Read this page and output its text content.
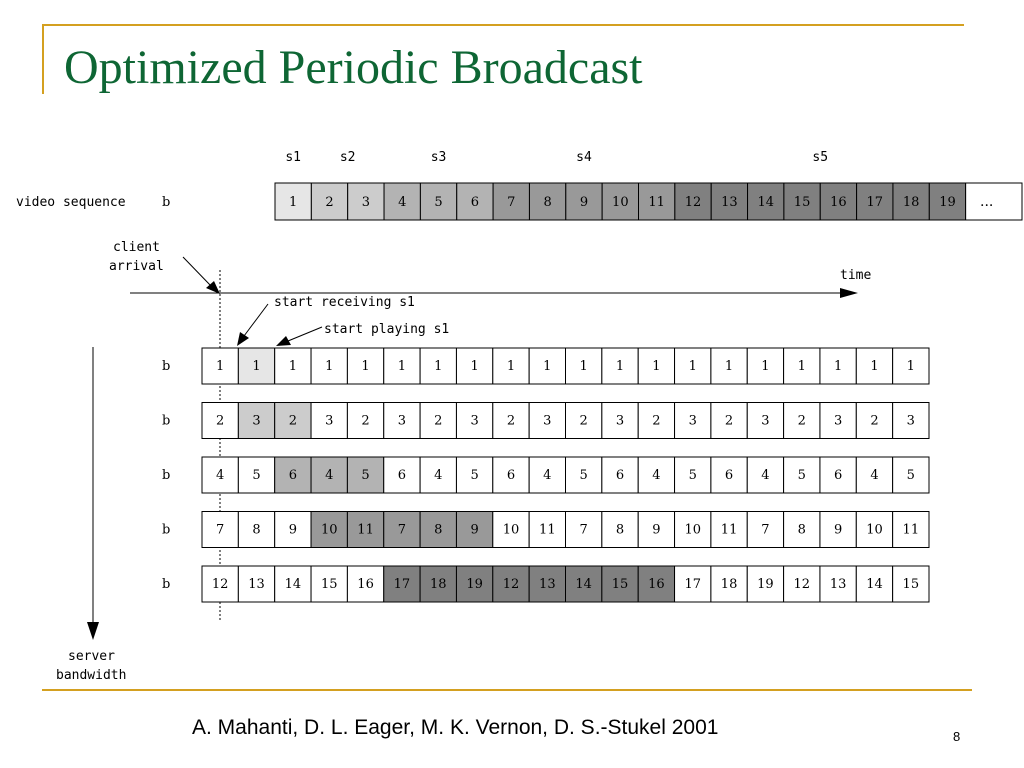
Optimized Periodic Broadcast
s1	s2	s3	s4	s5
video sequence	b	1 2 3 4 5 6 7 8 9 10 11 12 13 14 15 16 17 18 19 ...
client
arrival
time
start receiving s1
start playing s1
server
bandwidth
b	1 1 1 1 1 1 1 1 1 1 1 1 1 1 1 1 1 1 1 1
b	2 3 2 3 2 3 2 3 2 3 2 3 2 3 2 3 2 3 2 3
b	4 5 6 4 5 6 4 5 6 4 5 6 4 5 6 4 5 6 4 5
b	7 8 9 10 11 7 8 9 10 11 7 8 9 10 11 7 8 9 10 11
b	12 13 14 15 16 17 18 19 12 13 14 15 16 17 18 19 12 13 14 15
A. Mahanti, D. L. Eager, M. K. Vernon, D. S.-Stukel 2001	8
